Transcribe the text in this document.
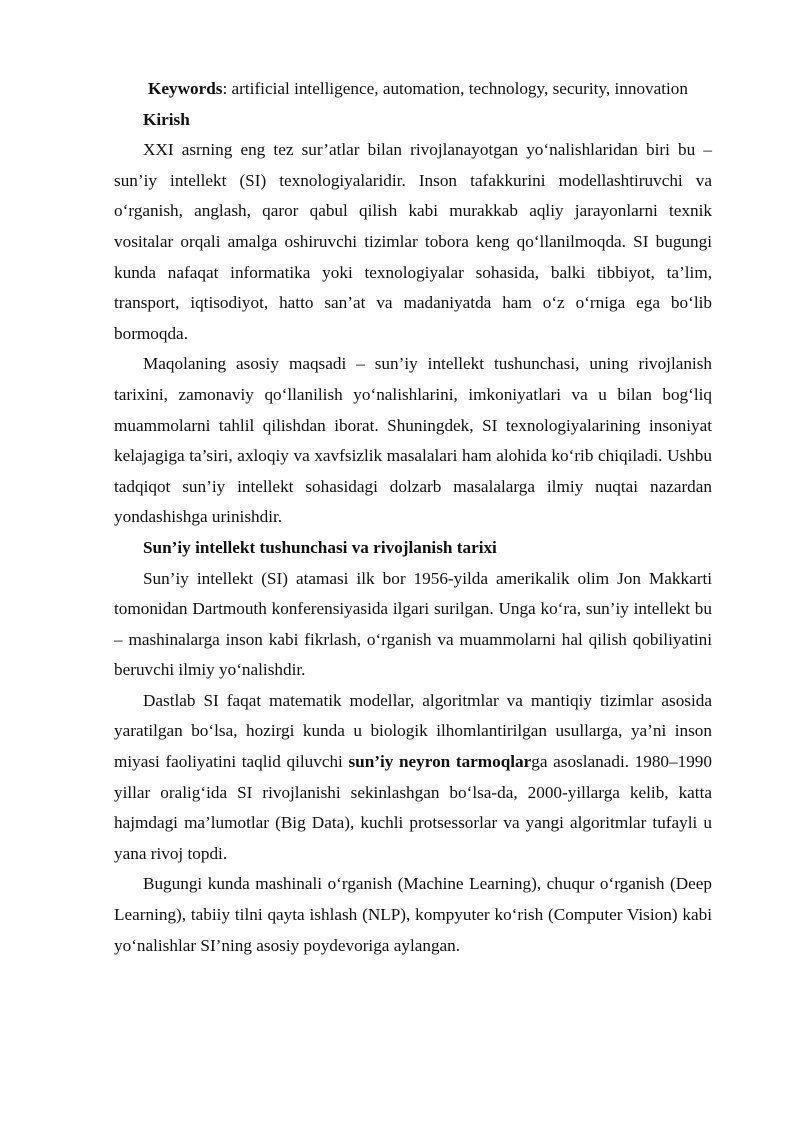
Keywords: artificial intelligence, automation, technology, security, innovation

Kirish

XXI asrning eng tez sur’atlar bilan rivojlanayotgan yo‘nalishlaridan biri bu – sun’iy intellekt (SI) texnologiyalaridir. Inson tafakkurini modellashtiruvchi va o‘rganish, anglash, qaror qabul qilish kabi murakkab aqliy jarayonlarni texnik vositalar orqali amalga oshiruvchi tizimlar tobora keng qo‘llanilmoqda. SI bugungi kunda nafaqat informatika yoki texnologiyalar sohasida, balki tibbiyot, ta’lim, transport, iqtisodiyot, hatto san’at va madaniyatda ham o‘z o‘rniga ega bo‘lib bormoqda.

Maqolaning asosiy maqsadi – sun’iy intellekt tushunchasi, uning rivojlanish tarixini, zamonaviy qo‘llanilish yo‘nalishlarini, imkoniyatlari va u bilan bog‘liq muammolarni tahlil qilishdan iborat. Shuningdek, SI texnologiyalarining insoniyat kelajagiga ta’siri, axloqiy va xavfsizlik masalalari ham alohida ko‘rib chiqiladi. Ushbu tadqiqot sun’iy intellekt sohasidagi dolzarb masalalarga ilmiy nuqtai nazardan yondashishga urinishdir.

Sun’iy intellekt tushunchasi va rivojlanish tarixi

Sun’iy intellekt (SI) atamasi ilk bor 1956-yilda amerikalik olim Jon Makkarti tomonidan Dartmouth konferensiyasida ilgari surilgan. Unga ko‘ra, sun’iy intellekt bu – mashinalarga inson kabi fikrlash, o‘rganish va muammolarni hal qilish qobiliyatini beruvchi ilmiy yo‘nalishdir.

Dastlab SI faqat matematik modellar, algoritmlar va mantiqiy tizimlar asosida yaratilgan bo‘lsa, hozirgi kunda u biologik ilhomlantirilgan usullarga, ya’ni inson miyasi faoliyatini taqlid qiluvchi sun’iy neyron tarmoqlarga asoslanadi. 1980–1990 yillar oralig‘ida SI rivojlanishi sekinlashgan bo‘lsa-da, 2000-yillarga kelib, katta hajmdagi ma’lumotlar (Big Data), kuchli protsessorlar va yangi algoritmlar tufayli u yana rivoj topdi.

Bugungi kunda mashinali o‘rganish (Machine Learning), chuqur o‘rganish (Deep Learning), tabiiy tilni qayta ishlash (NLP), kompyuter ko‘rish (Computer Vision) kabi yo‘nalishlar SI’ning asosiy poydevoriga aylangan.
